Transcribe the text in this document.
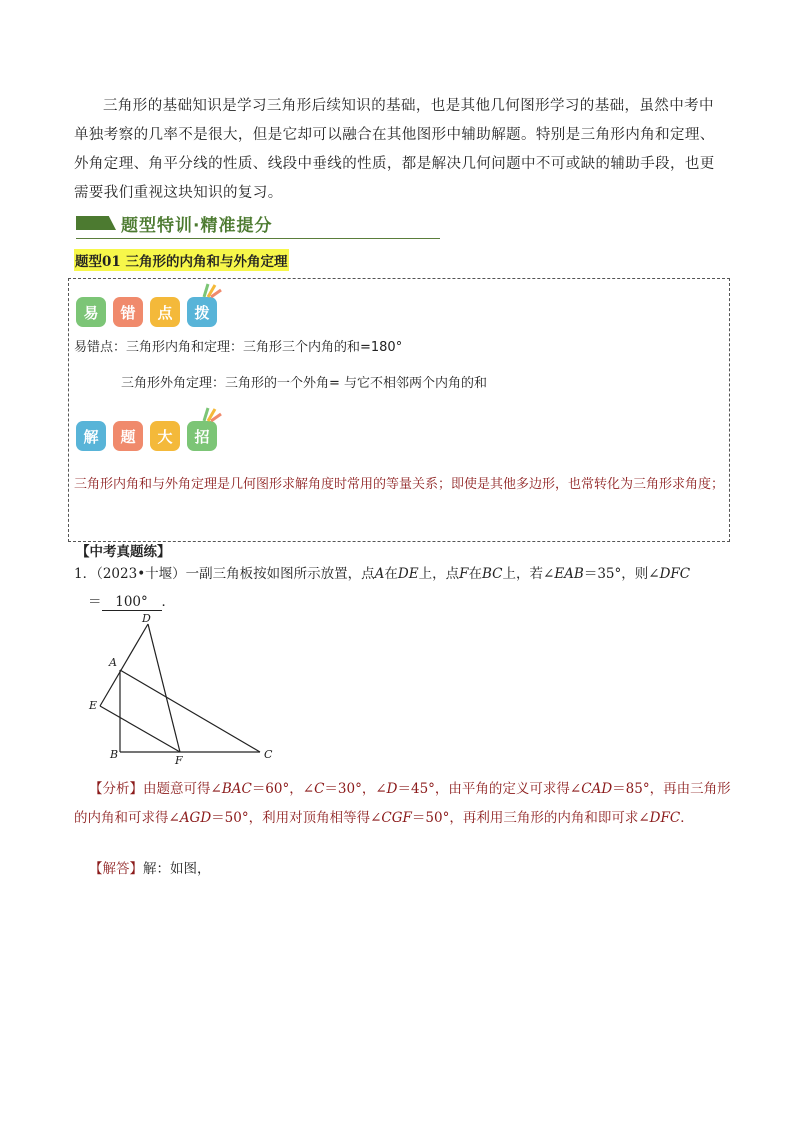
三角形的基础知识是学习三角形后续知识的基础，也是其他几何图形学习的基础，虽然中考中单独考察的几率不是很大，但是它却可以融合在其他图形中辅助解题。特别是三角形内角和定理、外角定理、角平分线的性质、线段中垂线的性质，都是解决几何问题中不可或缺的辅助手段，也更需要我们重视这块知识的复习。
题型特训·精准提分
题型01 三角形的内角和与外角定理
易	错	点	拨
易错点：三角形内角和定理：三角形三个内角的和=180°
三角形外角定理：三角形的一个外角= 与它不相邻两个内角的和
解	题	大	招
三角形内角和与外角定理是几何图形求解角度时常用的等量关系；即使是其他多边形，也常转化为三角形求角度；
【中考真题练】
1．（2023•十堰）一副三角板按如图所示放置，点A在DE上，点F在BC上，若∠EAB＝35°，则∠DFC
＝ 100° ．
D
A
E
B	F	C
【分析】由题意可得∠BAC＝60°，∠C＝30°，∠D＝45°，由平角的定义可求得∠CAD＝85°，再由三角形的内角和可求得∠AGD＝50°，利用对顶角相等得∠CGF＝50°，再利用三角形的内角和即可求∠DFC．
【解答】解：如图，
